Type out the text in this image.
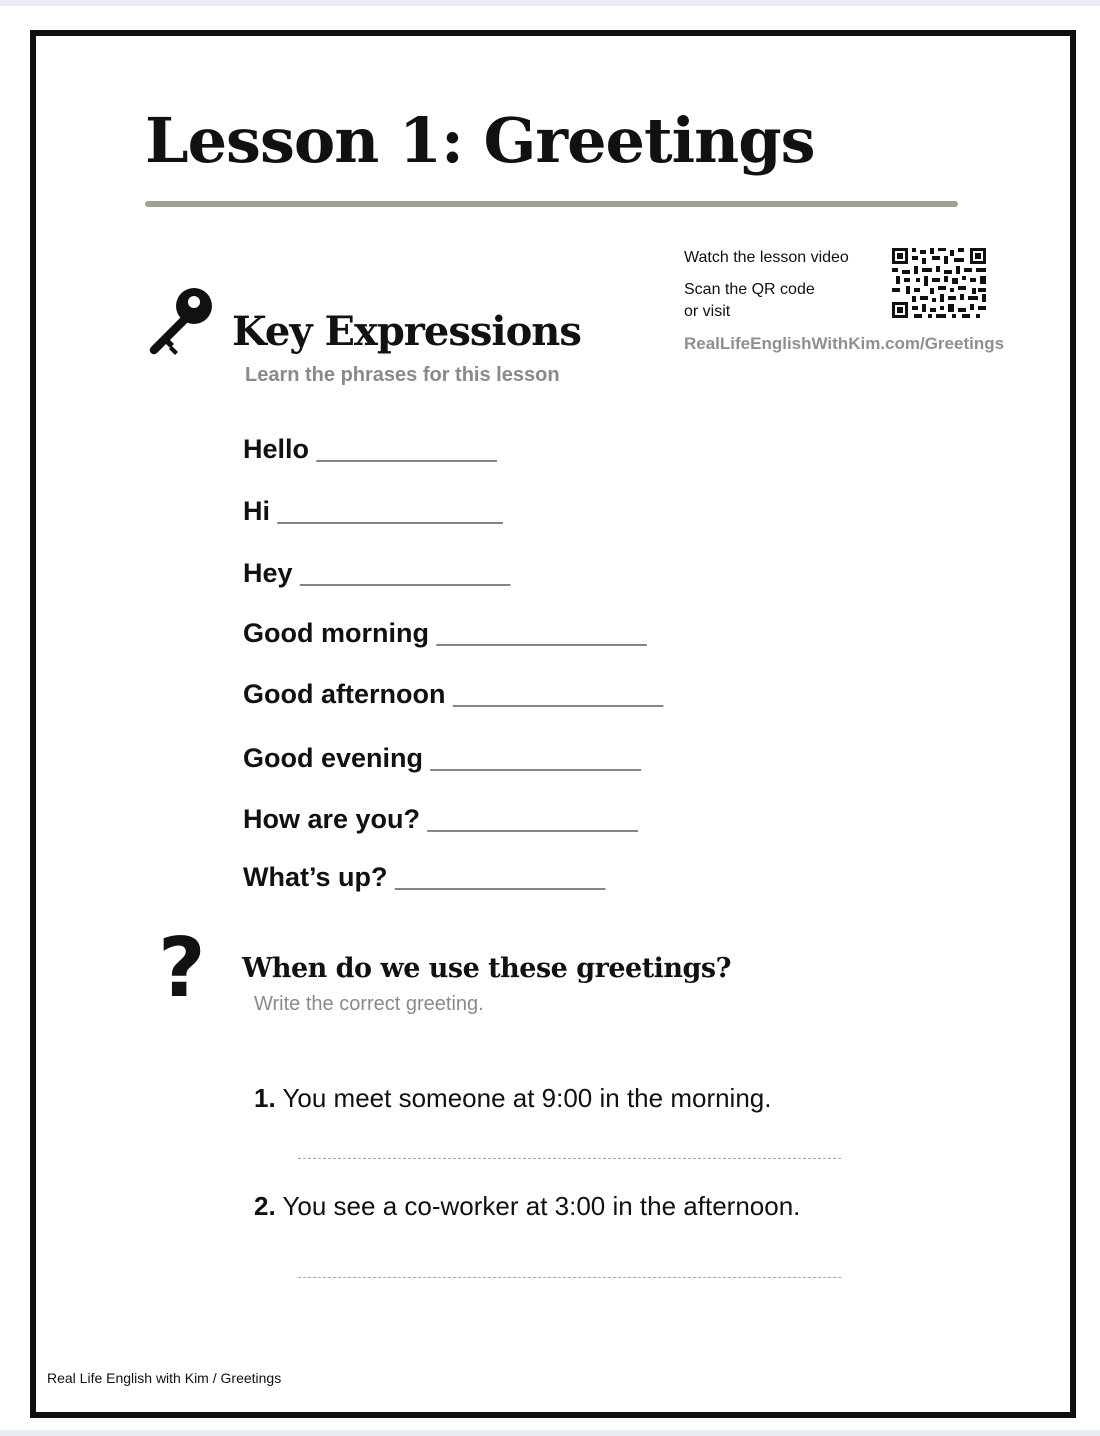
Lesson 1: Greetings
Watch the lesson video
Scan the QR code
or visit
RealLifeEnglishWithKim.com/Greetings
Key Expressions
Learn the phrases for this lesson
Hello ____________
Hi _______________
Hey ______________
Good morning ______________
Good afternoon ______________
Good evening ______________
How are you? ______________
What’s up? ______________
? When do we use these greetings?
Write the correct greeting.
1. You meet someone at 9:00 in the morning.
2. You see a co-worker at 3:00 in the afternoon.
Real Life English with Kim / Greetings
